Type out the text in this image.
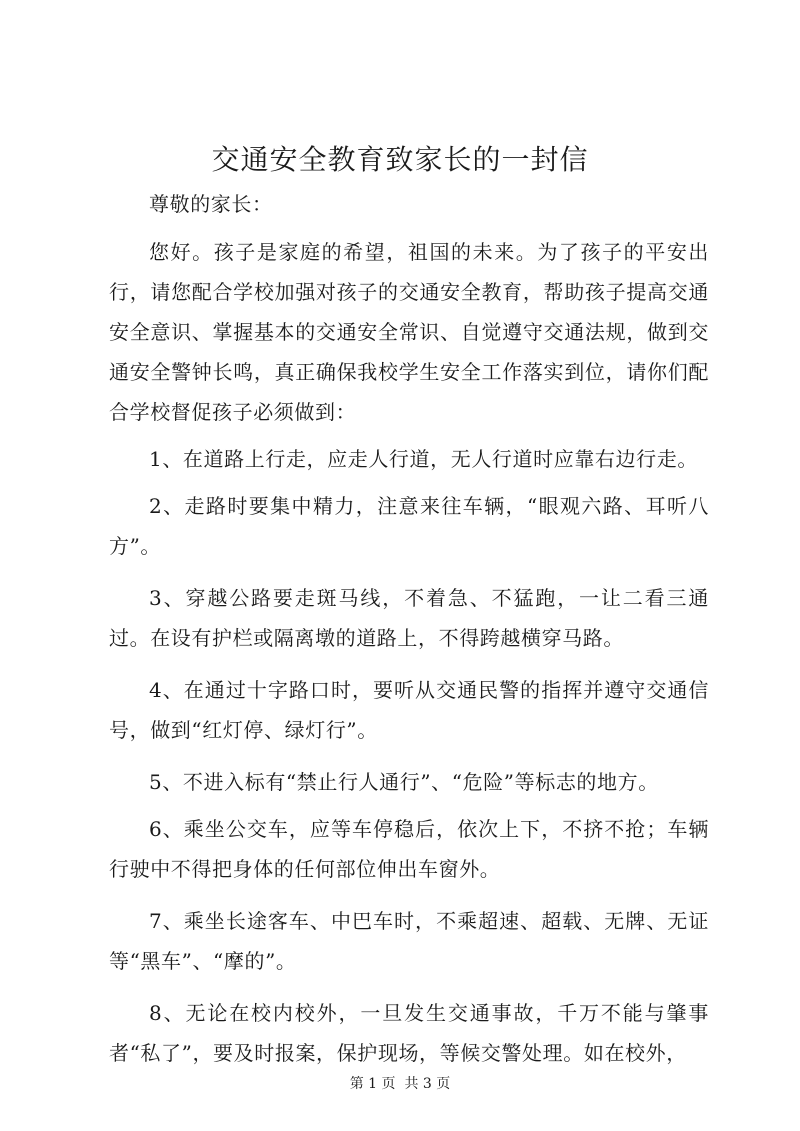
交通安全教育致家长的一封信

尊敬的家长：

您好。孩子是家庭的希望，祖国的未来。为了孩子的平安出行，请您配合学校加强对孩子的交通安全教育，帮助孩子提高交通安全意识、掌握基本的交通安全常识、自觉遵守交通法规，做到交通安全警钟长鸣，真正确保我校学生安全工作落实到位，请你们配合学校督促孩子必须做到：

1、在道路上行走，应走人行道，无人行道时应靠右边行走。

2、走路时要集中精力，注意来往车辆，“眼观六路、耳听八方”。

3、穿越公路要走斑马线，不着急、不猛跑，一让二看三通过。在设有护栏或隔离墩的道路上，不得跨越横穿马路。

4、在通过十字路口时，要听从交通民警的指挥并遵守交通信号，做到“红灯停、绿灯行”。

5、不进入标有“禁止行人通行”、“危险”等标志的地方。

6、乘坐公交车，应等车停稳后，依次上下，不挤不抢；车辆行驶中不得把身体的任何部位伸出车窗外。

7、乘坐长途客车、中巴车时，不乘超速、超载、无牌、无证等“黑车”、“摩的”。

8、无论在校内校外，一旦发生交通事故，千万不能与肇事者“私了”，要及时报案，保护现场，等候交警处理。如在校外，

第 1 页  共 3 页
